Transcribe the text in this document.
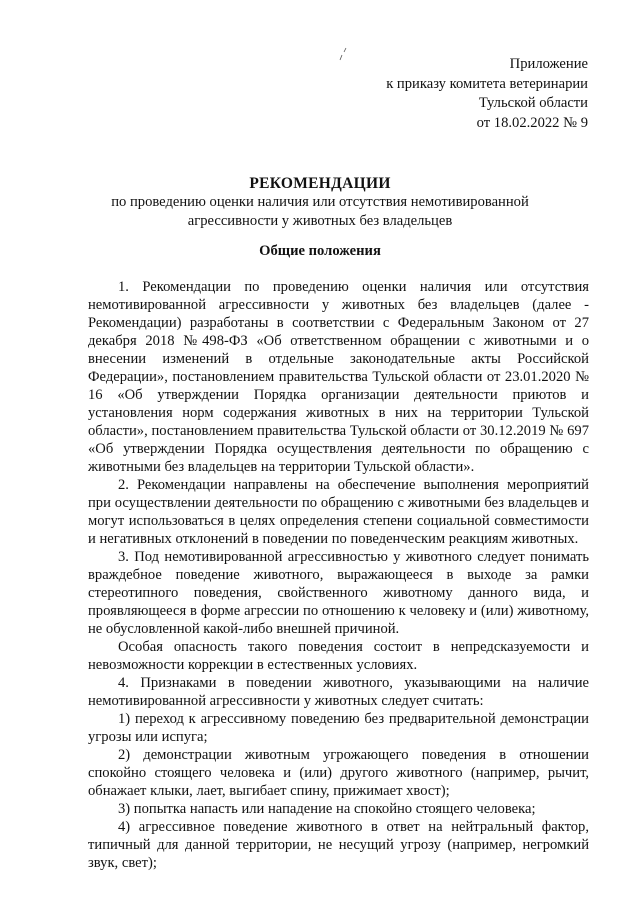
Приложение
к приказу комитета ветеринарии
Тульской области
от 18.02.2022 № 9
РЕКОМЕНДАЦИИ
по проведению оценки наличия или отсутствия немотивированной агрессивности у животных без владельцев
Общие положения

1. Рекомендации по проведению оценки наличия или отсутствия немотивированной агрессивности у животных без владельцев (далее - Рекомендации) разработаны в соответствии с Федеральным Законом от 27 декабря 2018 №498-ФЗ «Об ответственном обращении с животными и о внесении изменений в отдельные законодательные акты Российской Федерации», постановлением правительства Тульской области от 23.01.2020 № 16 «Об утверждении Порядка организации деятельности приютов и установления норм содержания животных в них на территории Тульской области», постановлением правительства Тульской области от 30.12.2019 № 697 «Об утверждении Порядка осуществления деятельности по обращению с животными без владельцев на территории Тульской области».

2. Рекомендации направлены на обеспечение выполнения мероприятий при осуществлении деятельности по обращению с животными без владельцев и могут использоваться в целях определения степени социальной совместимости и негативных отклонений в поведении по поведенческим реакциям животных.

3. Под немотивированной агрессивностью у животного следует понимать враждебное поведение животного, выражающееся в выходе за рамки стереотипного поведения, свойственного животному данного вида, и проявляющееся в форме агрессии по отношению к человеку и (или) животному, не обусловленной какой-либо внешней причиной.

Особая опасность такого поведения состоит в непредсказуемости и невозможности коррекции в естественных условиях.

4. Признаками в поведении животного, указывающими на наличие немотивированной агрессивности у животных следует считать:

1) переход к агрессивному поведению без предварительной демонстрации угрозы или испуга;

2) демонстрации животным угрожающего поведения в отношении спокойно стоящего человека и (или) другого животного (например, рычит, обнажает клыки, лает, выгибает спину, прижимает хвост);

3) попытка напасть или нападение на спокойно стоящего человека;

4) агрессивное поведение животного в ответ на нейтральный фактор, типичный для данной территории, не несущий угрозу (например, негромкий звук, свет);
